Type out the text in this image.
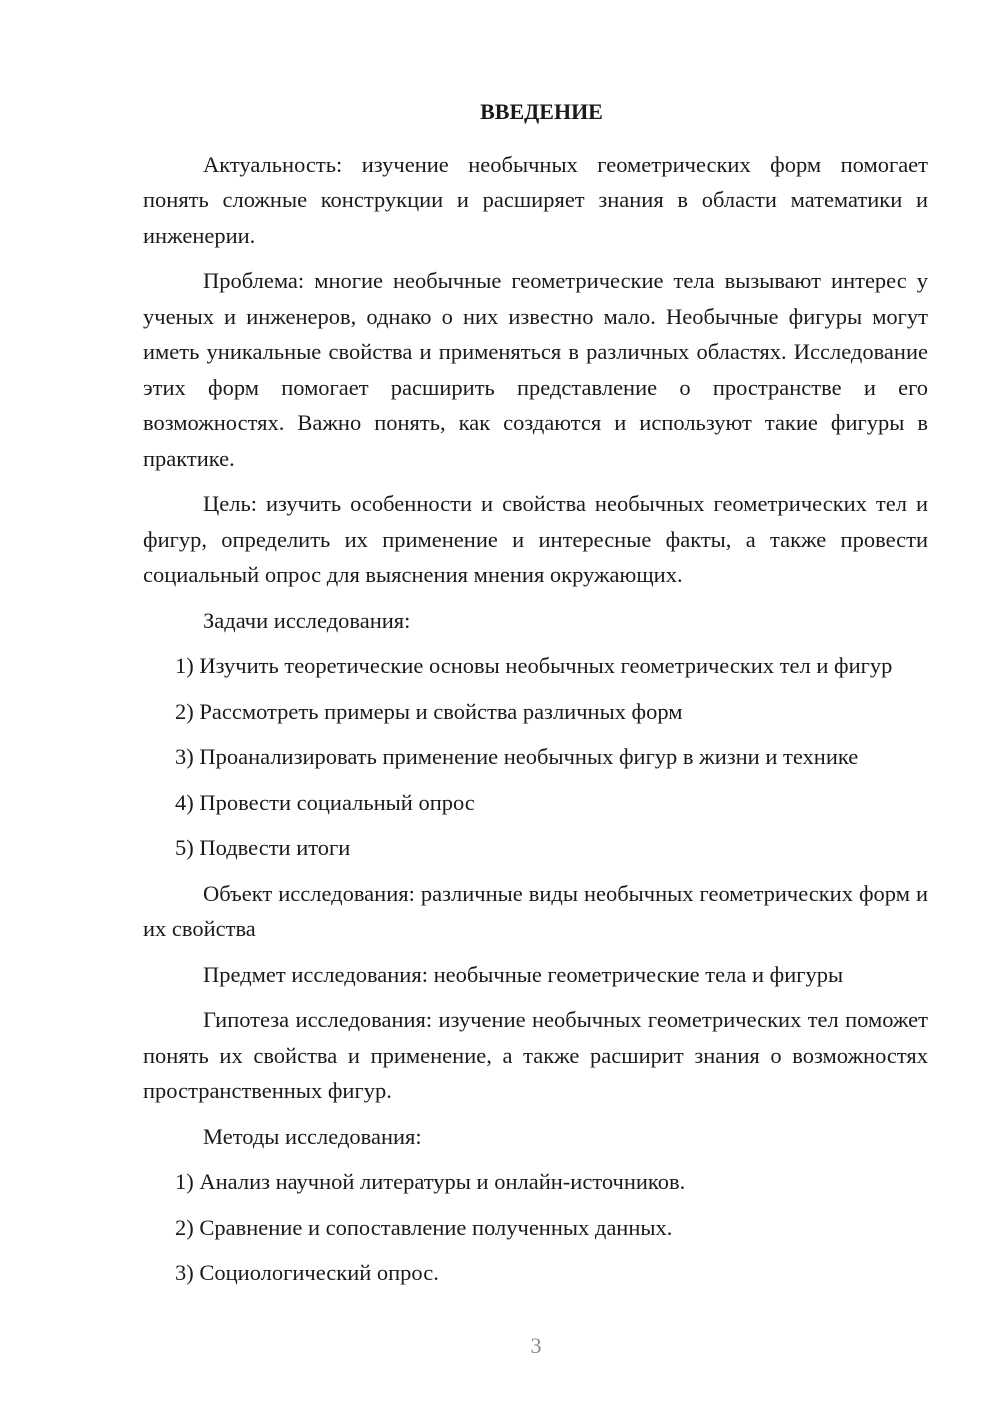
ВВЕДЕНИЕ

Актуальность: изучение необычных геометрических форм помогает понять сложные конструкции и расширяет знания в области математики и инженерии.

Проблема: многие необычные геометрические тела вызывают интерес у ученых и инженеров, однако о них известно мало. Необычные фигуры могут иметь уникальные свойства и применяться в различных областях. Исследование этих форм помогает расширить представление о пространстве и его возможностях. Важно понять, как создаются и используют такие фигуры в практике.

Цель: изучить особенности и свойства необычных геометрических тел и фигур, определить их применение и интересные факты, а также провести социальный опрос для выяснения мнения окружающих.

Задачи исследования:

1) Изучить теоретические основы необычных геометрических тел и фигур

2) Рассмотреть примеры и свойства различных форм

3) Проанализировать применение необычных фигур в жизни и технике

4) Провести социальный опрос

5) Подвести итоги

Объект исследования: различные виды необычных геометрических форм и их свойства

Предмет исследования: необычные геометрические тела и фигуры

Гипотеза исследования: изучение необычных геометрических тел поможет понять их свойства и применение, а также расширит знания о возможностях пространственных фигур.

Методы исследования:

1) Анализ научной литературы и онлайн-источников.

2) Сравнение и сопоставление полученных данных.

3) Социологический опрос.

3
